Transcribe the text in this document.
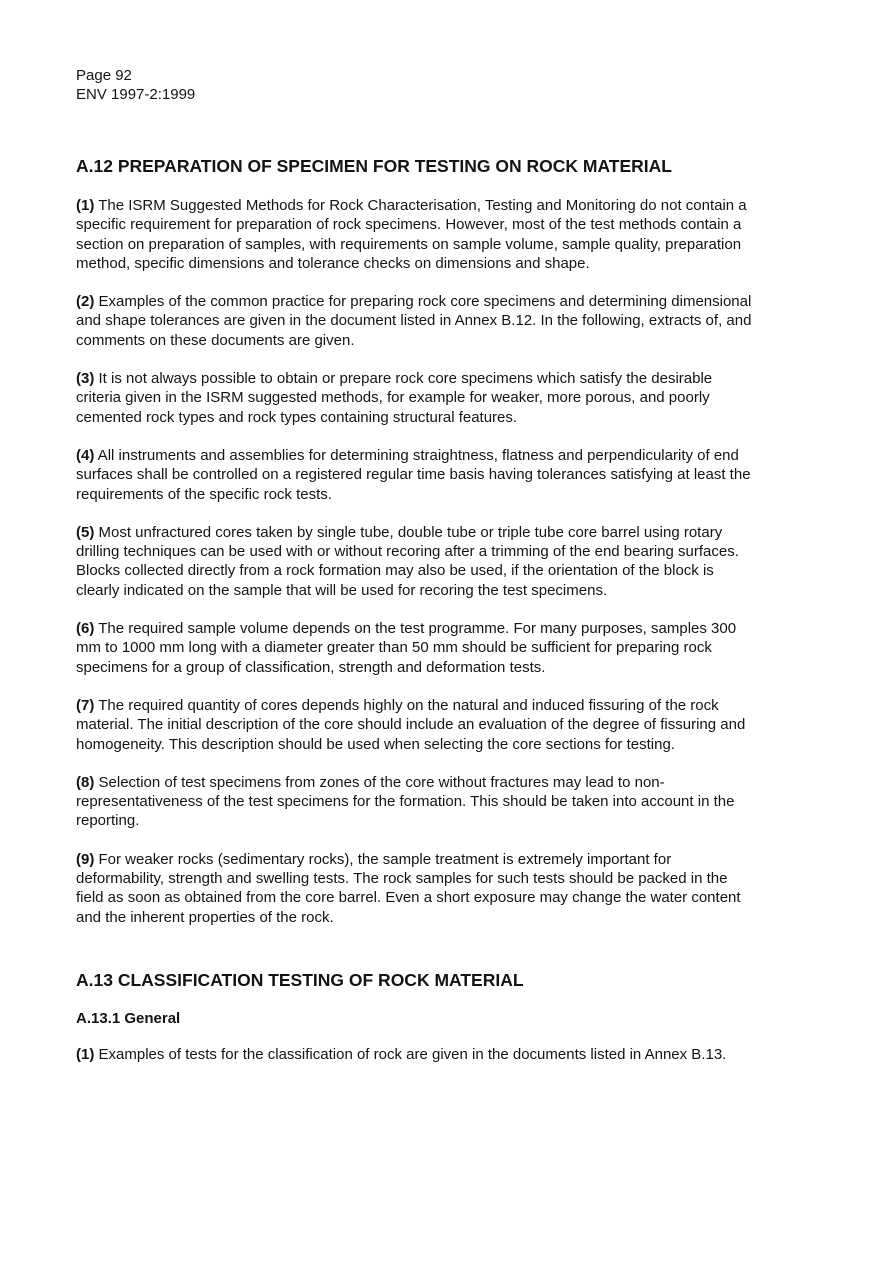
Page 92

ENV 1997-2:1999

A.12 PREPARATION OF SPECIMEN FOR TESTING ON ROCK MATERIAL

(1) The ISRM Suggested Methods for Rock Characterisation, Testing and Monitoring do not contain a specific requirement for preparation of rock specimens. However, most of the test methods contain a section on preparation of samples, with requirements on sample volume, sample quality, preparation method, specific dimensions and tolerance checks on dimensions and shape.

(2) Examples of the common practice for preparing rock core specimens and determining dimensional and shape tolerances are given in the document listed in Annex B.12. In the following, extracts of, and comments on these documents are given.

(3) It is not always possible to obtain or prepare rock core specimens which satisfy the desirable criteria given in the ISRM suggested methods, for example for weaker, more porous, and poorly cemented rock types and rock types containing structural features.

(4) All instruments and assemblies for determining straightness, flatness and perpendicularity of end surfaces shall be controlled on a registered regular time basis having tolerances satisfying at least the requirements of the specific rock tests.

(5) Most unfractured cores taken by single tube, double tube or triple tube core barrel using rotary drilling techniques can be used with or without recoring after a trimming of the end bearing surfaces. Blocks collected directly from a rock formation may also be used, if the orientation of the block is clearly indicated on the sample that will be used for recoring the test specimens.

(6) The required sample volume depends on the test programme. For many purposes, samples 300 mm to 1000 mm long with a diameter greater than 50 mm should be sufficient for preparing rock specimens for a group of classification, strength and deformation tests.

(7) The required quantity of cores depends highly on the natural and induced fissuring of the rock material. The initial description of the core should include an evaluation of the degree of fissuring and homogeneity. This description should be used when selecting the core sections for testing.

(8) Selection of test specimens from zones of the core without fractures may lead to non-representativeness of the test specimens for the formation. This should be taken into account in the reporting.

(9) For weaker rocks (sedimentary rocks), the sample treatment is extremely important for deformability, strength and swelling tests. The rock samples for such tests should be packed in the field as soon as obtained from the core barrel. Even a short exposure may change the water content and the inherent properties of the rock.

A.13 CLASSIFICATION TESTING OF ROCK MATERIAL
A.13.1 General

(1) Examples of tests for the classification of rock are given in the documents listed in Annex B.13.
